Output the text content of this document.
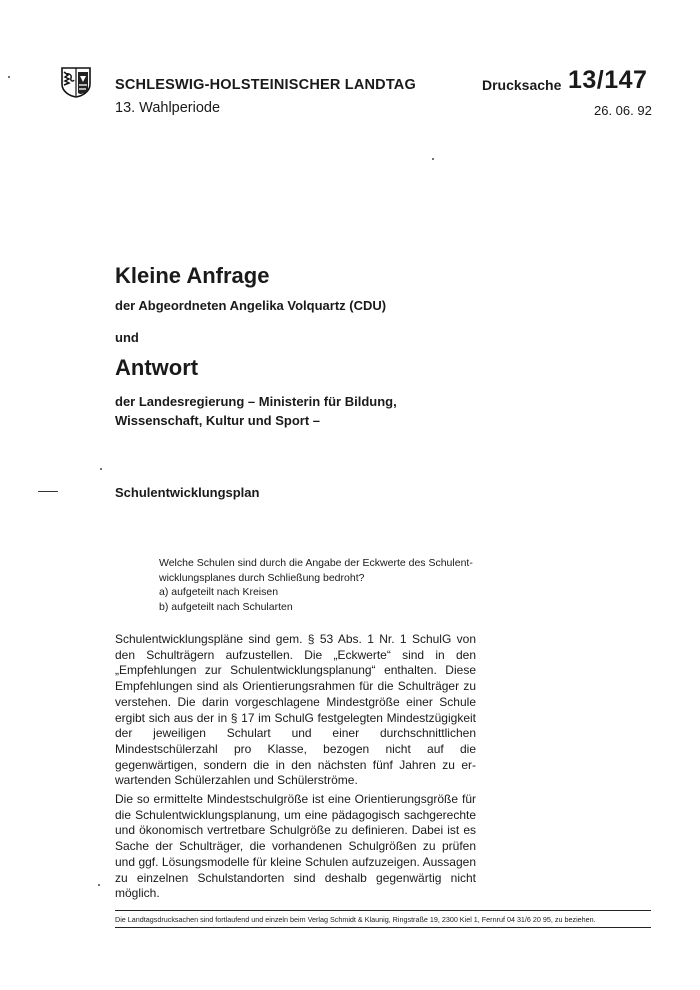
SCHLESWIG-HOLSTEINISCHER LANDTAG
13. Wahlperiode
Drucksache 13/147
26. 06. 92
Kleine Anfrage
der Abgeordneten Angelika Volquartz (CDU)
und
Antwort
der Landesregierung – Ministerin für Bildung, Wissenschaft, Kultur und Sport –
Schulentwicklungsplan

Welche Schulen sind durch die Angabe der Eckwerte des Schulentwicklungsplanes durch Schließung bedroht?

a) aufgeteilt nach Kreisen

b) aufgeteilt nach Schularten

Schulentwicklungspläne sind gem. § 53 Abs. 1 Nr. 1 SchulG von den Schulträgern aufzustellen. Die „Eckwerte“ sind in den „Empfehlungen zur Schulentwicklungsplanung“ enthalten. Diese Empfehlungen sind als Orientierungsrahmen für die Schulträger zu verstehen. Die darin vorgeschlagene Mindestgröße einer Schule ergibt sich aus der in § 17 im SchulG festgelegten Mindestzügigkeit der jeweiligen Schulart und einer durchschnittlichen Mindestschülerzahl pro Klasse, bezogen nicht auf die gegenwärtigen, sondern die in den nächsten fünf Jahren zu erwartenden Schülerzahlen und Schülerströme.

Die so ermittelte Mindestschulgröße ist eine Orientierungsgröße für die Schulentwicklungsplanung, um eine pädagogisch sachgerechte und ökonomisch vertretbare Schulgröße zu definieren. Dabei ist es Sache der Schulträger, die vorhandenen Schulgrößen zu prüfen und ggf. Lösungsmodelle für kleine Schulen aufzuzeigen. Aussagen zu einzelnen Schulstandorten sind deshalb gegenwärtig nicht möglich.

Die Landtagsdrucksachen sind fortlaufend und einzeln beim Verlag Schmidt & Klaunig, Ringstraße 19, 2300 Kiel 1, Fernruf 04 31/6 20 95, zu beziehen.
